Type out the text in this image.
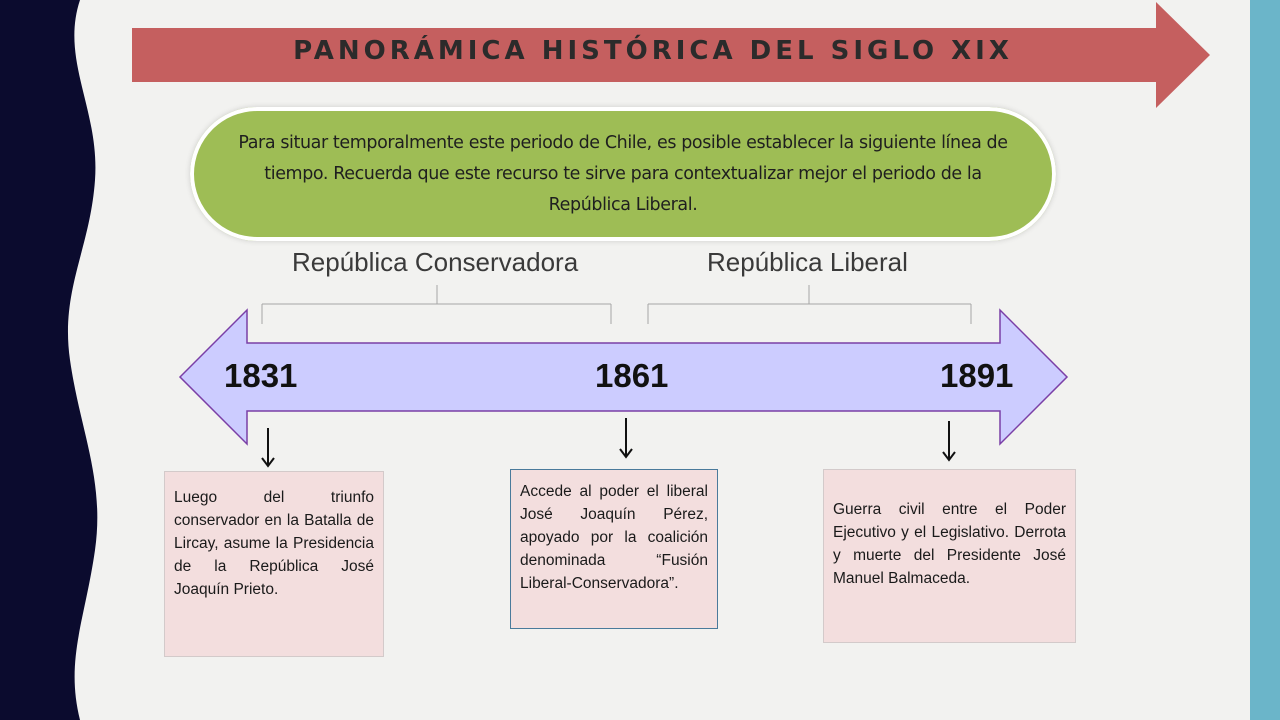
PANORÁMICA HISTÓRICA DEL SIGLO XIX
Para situar temporalmente este periodo de Chile, es posible establecer la siguiente línea de tiempo. Recuerda que este recurso te sirve para contextualizar mejor el periodo de la República Liberal.
República Conservadora	República Liberal
1831	1861	1891
Luego del triunfo conservador en la Batalla de Lircay, asume la Presidencia de la República José Joaquín Prieto.
Accede al poder el liberal José Joaquín Pérez, apoyado por la coalición denominada “Fusión Liberal-Conservadora”.
Guerra civil entre el Poder Ejecutivo y el Legislativo. Derrota y muerte del Presidente José Manuel Balmaceda.
